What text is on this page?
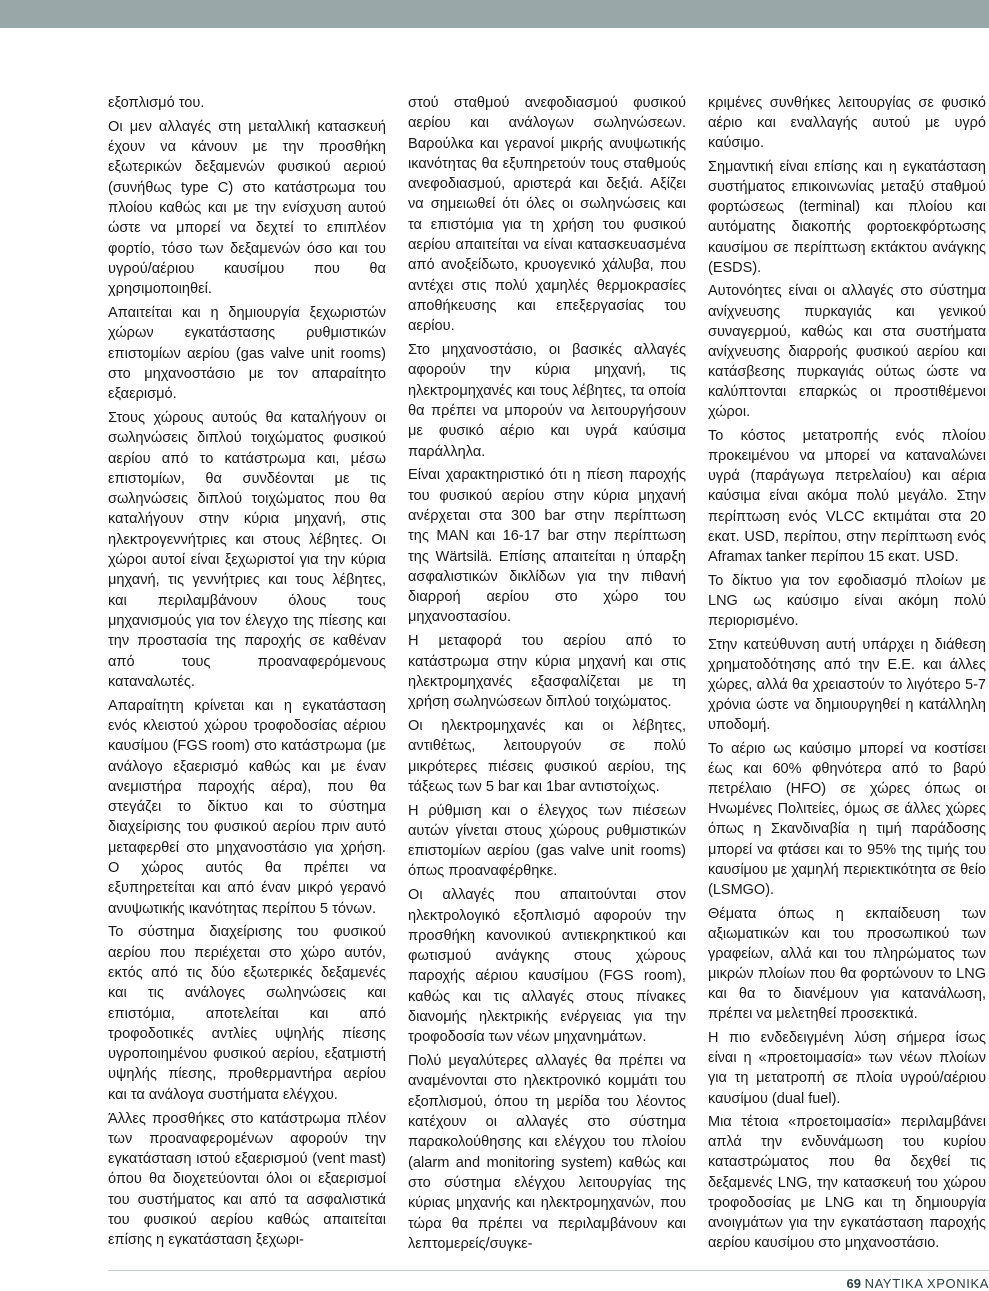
εξοπλισμό του.

Οι μεν αλλαγές στη μεταλλική κατασκευή έχουν να κάνουν με την προσθήκη εξωτερικών δεξαμενών φυσικού αεριού (συνήθως type C) στο κατάστρωμα του πλοίου καθώς και με την ενίσχυση αυτού ώστε να μπορεί να δεχτεί το επιπλέον φορτίο, τόσο των δεξαμενών όσο και του υγρού/αέριου καυσίμου που θα χρησιμοποιηθεί.

Απαιτείται και η δημιουργία ξεχωριστών χώρων εγκατάστασης ρυθμιστικών επιστομίων αερίου (gas valve unit rooms) στο μηχανοστάσιο με τον απαραίτητο εξαερισμό.

Στους χώρους αυτούς θα καταλήγουν οι σωληνώσεις διπλού τοιχώματος φυσικού αερίου από το κατάστρωμα και, μέσω επιστομίων, θα συνδέονται με τις σωληνώσεις διπλού τοιχώματος που θα καταλήγουν στην κύρια μηχανή, στις ηλεκτρογεννήτριες και στους λέβητες. Οι χώροι αυτοί είναι ξεχωριστοί για την κύρια μηχανή, τις γεννήτριες και τους λέβητες, και περιλαμβάνουν όλους τους μηχανισμούς για τον έλεγχο της πίεσης και την προστασία της παροχής σε καθέναν από τους προαναφερόμενους καταναλωτές.

Απαραίτητη κρίνεται και η εγκατάσταση ενός κλειστού χώρου τροφοδοσίας αέριου καυσίμου (FGS room) στο κατάστρωμα (με ανάλογο εξαερισμό καθώς και με έναν ανεμιστήρα παροχής αέρα), που θα στεγάζει το δίκτυο και το σύστημα διαχείρισης του φυσικού αερίου πριν αυτό μεταφερθεί στο μηχανοστάσιο για χρήση. Ο χώρος αυτός θα πρέπει να εξυπηρετείται και από έναν μικρό γερανό ανυψωτικής ικανότητας περίπου 5 τόνων.

Το σύστημα διαχείρισης του φυσικού αερίου που περιέχεται στο χώρο αυτόν, εκτός από τις δύο εξωτερικές δεξαμενές και τις ανάλογες σωληνώσεις και επιστόμια, αποτελείται και από τροφοδοτικές αντλίες υψηλής πίεσης υγροποιημένου φυσικού αερίου, εξατμιστή υψηλής πίεσης, προθερμαντήρα αερίου και τα ανάλογα συστήματα ελέγχου.

Άλλες προσθήκες στο κατάστρωμα πλέον των προαναφερομένων αφορούν την εγκατάσταση ιστού εξαερισμού (vent mast) όπου θα διοχετεύονται όλοι οι εξαερισμοί του συστήματος και από τα ασφαλιστικά του φυσικού αερίου καθώς απαιτείται επίσης η εγκατάσταση ξεχωρι-

στού σταθμού ανεφοδιασμού φυσικού αερίου και ανάλογων σωληνώσεων. Βαρούλκα και γερανοί μικρής ανυψωτικής ικανότητας θα εξυπηρετούν τους σταθμούς ανεφοδιασμού, αριστερά και δεξιά. Αξίζει να σημειωθεί ότι όλες οι σωληνώσεις και τα επιστόμια για τη χρήση του φυσικού αερίου απαιτείται να είναι κατασκευασμένα από ανοξείδωτο, κρυογενικό χάλυβα, που αντέχει στις πολύ χαμηλές θερμοκρασίες αποθήκευσης και επεξεργασίας του αερίου.

Στο μηχανοστάσιο, οι βασικές αλλαγές αφορούν την κύρια μηχανή, τις ηλεκτρομηχανές και τους λέβητες, τα οποία θα πρέπει να μπορούν να λειτουργήσουν με φυσικό αέριο και υγρά καύσιμα παράλληλα.

Είναι χαρακτηριστικό ότι η πίεση παροχής του φυσικού αερίου στην κύρια μηχανή ανέρχεται στα 300 bar στην περίπτωση της MAN και 16-17 bar στην περίπτωση της Wärtsilä. Επίσης απαιτείται η ύπαρξη ασφαλιστικών δικλίδων για την πιθανή διαρροή αερίου στο χώρο του μηχανοστασίου.

Η μεταφορά του αερίου από το κατάστρωμα στην κύρια μηχανή και στις ηλεκτρομηχανές εξασφαλίζεται με τη χρήση σωληνώσεων διπλού τοιχώματος.

Οι ηλεκτρομηχανές και οι λέβητες, αντιθέτως, λειτουργούν σε πολύ μικρότερες πιέσεις φυσικού αερίου, της τάξεως των 5 bar και 1bar αντιστοίχως.

Η ρύθμιση και ο έλεγχος των πιέσεων αυτών γίνεται στους χώρους ρυθμιστικών επιστομίων αερίου (gas valve unit rooms) όπως προαναφέρθηκε.

Οι αλλαγές που απαιτούνται στον ηλεκτρολογικό εξοπλισμό αφορούν την προσθήκη κανονικού αντιεκρηκτικού και φωτισμού ανάγκης στους χώρους παροχής αέριου καυσίμου (FGS room), καθώς και τις αλλαγές στους πίνακες διανομής ηλεκτρικής ενέργειας για την τροφοδοσία των νέων μηχανημάτων.

Πολύ μεγαλύτερες αλλαγές θα πρέπει να αναμένονται στο ηλεκτρονικό κομμάτι του εξοπλισμού, όπου τη μερίδα του λέοντος κατέχουν οι αλλαγές στο σύστημα παρακολούθησης και ελέγχου του πλοίου (alarm and monitoring system) καθώς και στο σύστημα ελέγχου λειτουργίας της κύριας μηχανής και ηλεκτρομηχανών, που τώρα θα πρέπει να περιλαμβάνουν και λεπτομερείς/συγκε-

κριμένες συνθήκες λειτουργίας σε φυσικό αέριο και εναλλαγής αυτού με υγρό καύσιμο.

Σημαντική είναι επίσης και η εγκατάσταση συστήματος επικοινωνίας μεταξύ σταθμού φορτώσεως (terminal) και πλοίου και αυτόματης διακοπής φορτοεκφόρτωσης καυσίμου σε περίπτωση εκτάκτου ανάγκης (ESDS).

Αυτονόητες είναι οι αλλαγές στο σύστημα ανίχνευσης πυρκαγιάς και γενικού συναγερμού, καθώς και στα συστήματα ανίχνευσης διαρροής φυσικού αερίου και κατάσβεσης πυρκαγιάς ούτως ώστε να καλύπτονται επαρκώς οι προστιθέμενοι χώροι.

Το κόστος μετατροπής ενός πλοίου προκειμένου να μπορεί να καταναλώνει υγρά (παράγωγα πετρελαίου) και αέρια καύσιμα είναι ακόμα πολύ μεγάλο. Στην περίπτωση ενός VLCC εκτιμάται στα 20 εκατ. USD, περίπου, στην περίπτωση ενός Aframax tanker περίπου 15 εκατ. USD.

Το δίκτυο για τον εφοδιασμό πλοίων με LNG ως καύσιμο είναι ακόμη πολύ περιορισμένο.

Στην κατεύθυνση αυτή υπάρχει η διάθεση χρηματοδότησης από την Ε.Ε. και άλλες χώρες, αλλά θα χρειαστούν το λιγότερο 5-7 χρόνια ώστε να δημιουργηθεί η κατάλληλη υποδομή.

Το αέριο ως καύσιμο μπορεί να κοστίσει έως και 60% φθηνότερα από το βαρύ πετρέλαιο (HFO) σε χώρες όπως οι Ηνωμένες Πολιτείες, όμως σε άλλες χώρες όπως η Σκανδιναβία η τιμή παράδοσης μπορεί να φτάσει και το 95% της τιμής του καυσίμου με χαμηλή περιεκτικότητα σε θείο (LSMGO).

Θέματα όπως η εκπαίδευση των αξιωματικών και του προσωπικού των γραφείων, αλλά και του πληρώματος των μικρών πλοίων που θα φορτώνουν το LNG και θα το διανέμουν για κατανάλωση, πρέπει να μελετηθεί προσεκτικά.

Η πιο ενδεδειγμένη λύση σήμερα ίσως είναι η «προετοιμασία» των νέων πλοίων για τη μετατροπή σε πλοία υγρού/αέριου καυσίμου (dual fuel).

Μια τέτοια «προετοιμασία» περιλαμβάνει απλά την ενδυνάμωση του κυρίου καταστρώματος που θα δεχθεί τις δεξαμενές LNG, την κατασκευή του χώρου τροφοδοσίας με LNG και τη δημιουργία ανοιγμάτων για την εγκατάσταση παροχής αερίου καυσίμου στο μηχανοστάσιο.

69 ΝΑΥΤΙΚΑ ΧΡΟΝΙΚΑ
